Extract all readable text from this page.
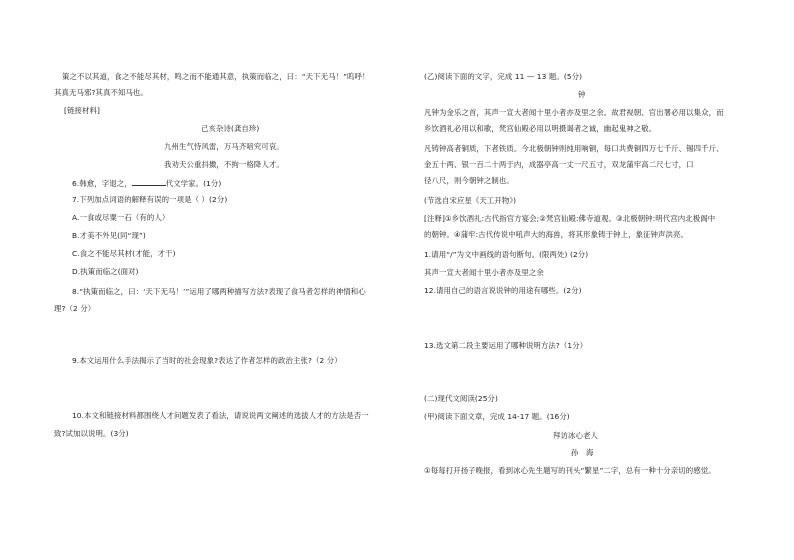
策之不以其道，食之不能尽其材，鸣之而不能通其意，执策而临之，曰：“天下无马！”呜呼！
其真无马邪?其真不知马也。
[链接材料]
己亥杂诗(龚自珍)
九州生气恃风雷，万马齐喑究可哀。
我劝天公重抖擞，不拘一格降人才。
6.韩愈，字退之，	代文学家。(1分)
7.下列加点词语的解释有误的一项是（ ）(2分)
A.一食或尽粟一石（有的人）
B.才美不外见(同“现”)
C.食之不能尽其材(才能，才干)
D.执策而临之(面对)
8.“执策而临之，曰：‘天下无马！’”运用了哪两种描写方法?表现了食马者怎样的神情和心
理?（2 分）
9.本文运用什么手法揭示了当时的社会现象?表达了作者怎样的政治主张?（2 分）
10.本文和链接材料都围绕人才问题发表了看法，请说说两文阐述的选拔人才的方法是否一
致?试加以说明。(3分)
(乙)阅读下面的文字，完成 11 — 13 题。(5分)
钟
凡钟为金乐之首，其声一宣大者闻十里小者亦及里之余。故君视朝、官出署必用以集众，而
乡饮酒礼必用以和歌，梵宫仙殿必用以明摄谒者之诚，幽起鬼神之敬。
凡铸钟高者铜质，下者铁质。今北极朝钟则纯用响铜，每口共费铜四万七千斤、锡四千斤、
金五十两、银一百二十两于内，成器亭高一丈一尺五寸，双龙蒲牢高二尺七寸，口
径八尺，则今朝钟之制也。
(节选自宋应星《天工开物》)
[注释]①乡饮酒礼:古代指官方宴会;②梵宫仙殿:佛寺道观。③北极朝钟:明代宫内北极阁中
的朝钟。④蒲牢:古代传说中吼声大的海兽，将其形象铸于钟上，象征钟声洪亮。
1.请用“/”为文中画线的语句断句。(限两处) (2分)
其声一宣大者闻十里小者亦及里之余
12.请用自己的语言说说钟的用途有哪些。(2分)
13.选文第二段主要运用了哪种说明方法?（1分）
(二)现代文阅读(25分)
(甲)阅读下面文章，完成 14-17 题。(16分)
拜访冰心老人
孙　海
①每每打开扬子晚报，看到冰心先生题写的刊头“繁星”二字，总有一种十分亲切的感觉。
